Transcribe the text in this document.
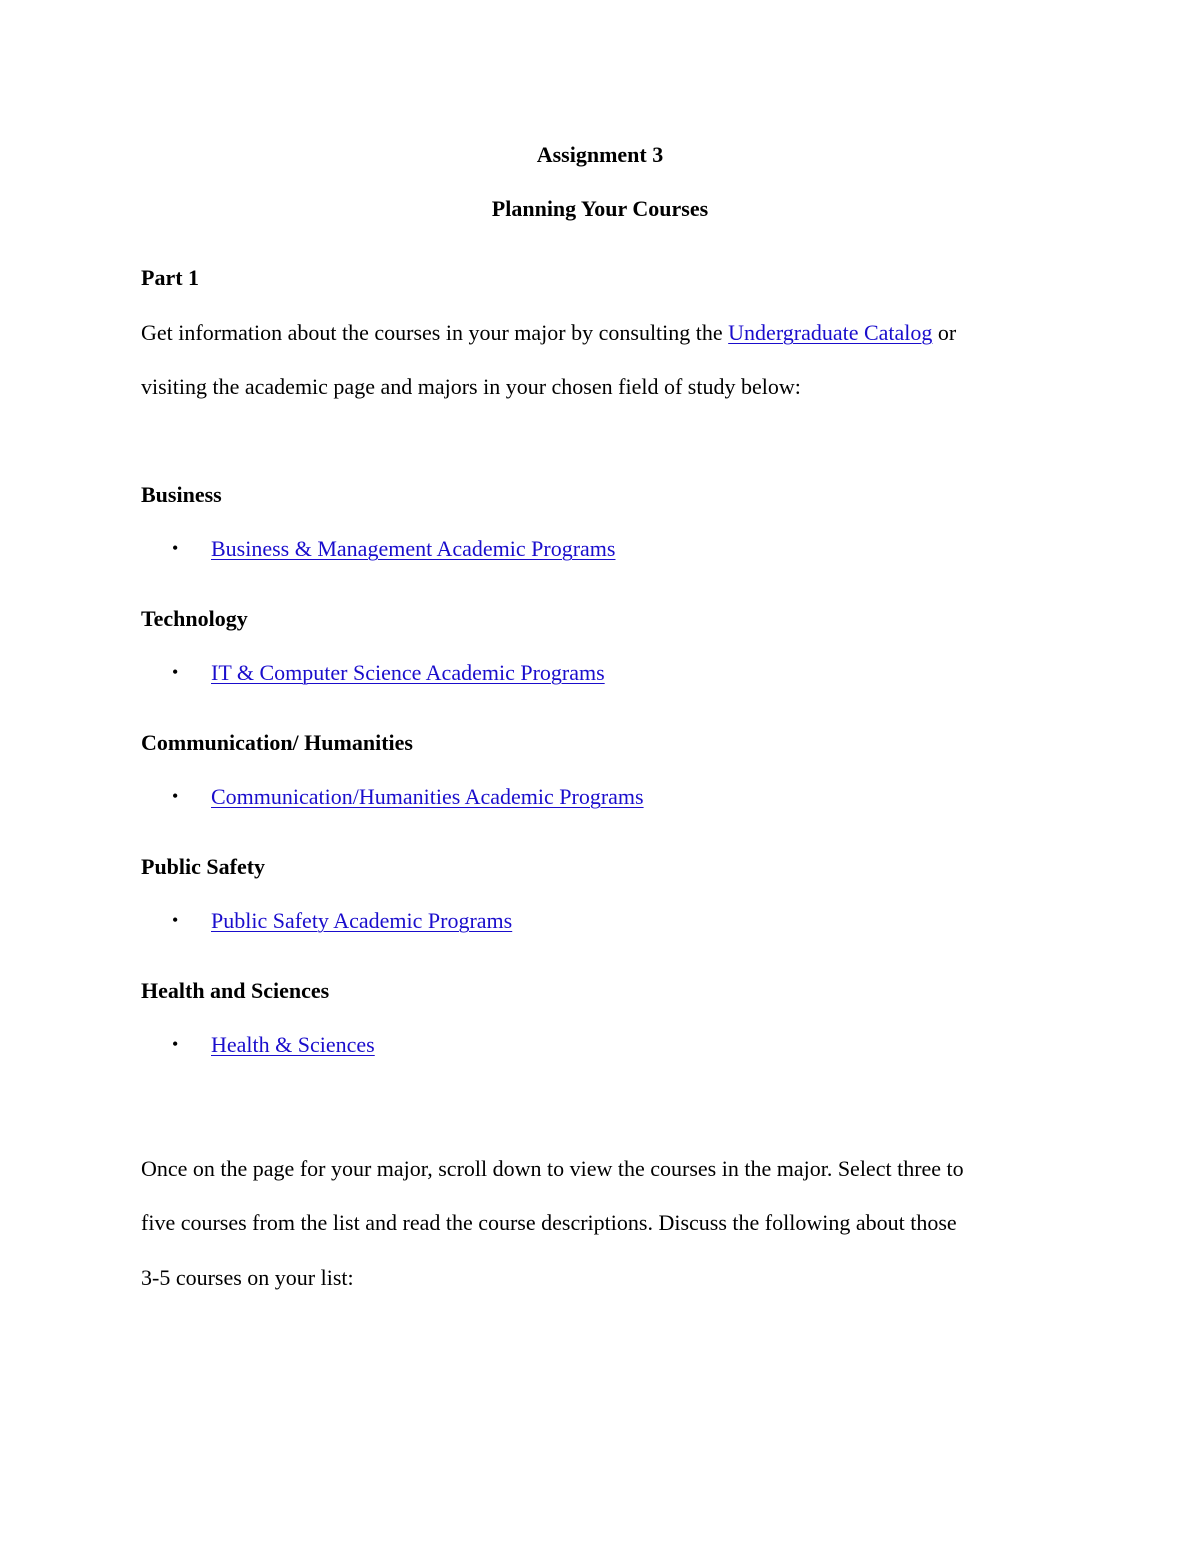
Assignment 3
Planning Your Courses
Part 1
Get information about the courses in your major by consulting the Undergraduate Catalog or
visiting the academic page and majors in your chosen field of study below:
Business
• Business & Management Academic Programs
Technology
• IT & Computer Science Academic Programs
Communication/ Humanities
• Communication/Humanities Academic Programs
Public Safety
• Public Safety Academic Programs
Health and Sciences
• Health & Sciences
Once on the page for your major, scroll down to view the courses in the major. Select three to
five courses from the list and read the course descriptions. Discuss the following about those
3-5 courses on your list:
